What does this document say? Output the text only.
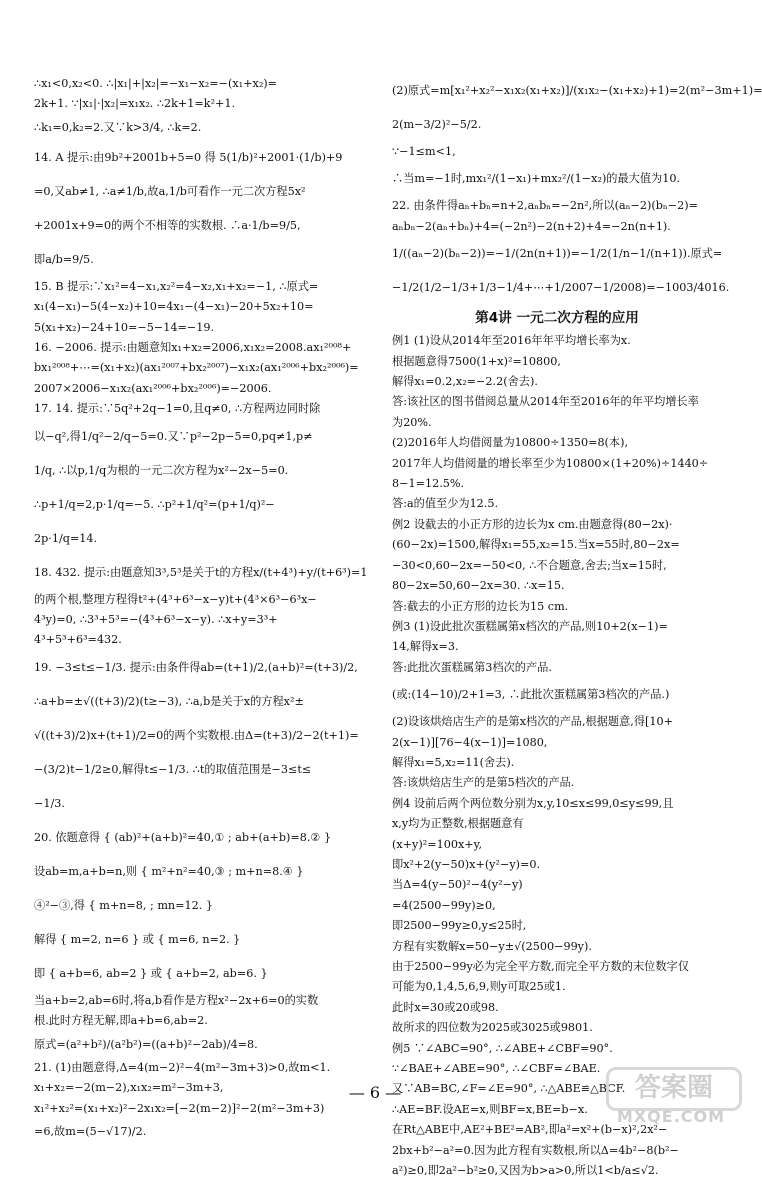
∴x₁<0,x₂<0. ∴|x₁|+|x₂|=−x₁−x₂=−(x₁+x₂)=
2k+1. ∵|x₁|·|x₂|=x₁x₂. ∴2k+1=k²+1.
∴k₁=0,k₂=2.又∵k>3/4, ∴k=2.
14. A 提示:由9b²+2001b+5=0 得 5(1/b)²+2001·(1/b)+9
=0,又ab≠1, ∴a≠1/b,故a,1/b可看作一元二次方程5x²
+2001x+9=0的两个不相等的实数根. ∴a·1/b=9/5,
即a/b=9/5.
15. B 提示:∵x₁²=4−x₁,x₂²=4−x₂,x₁+x₂=−1, ∴原式=
x₁(4−x₁)−5(4−x₂)+10=4x₁−(4−x₁)−20+5x₂+10=
5(x₁+x₂)−24+10=−5−14=−19.
16. −2006. 提示:由题意知x₁+x₂=2006,x₁x₂=2008.ax₁²⁰⁰⁸+
bx₁²⁰⁰⁸+⋯=(x₁+x₂)(ax₁²⁰⁰⁷+bx₂²⁰⁰⁷)−x₁x₂(ax₁²⁰⁰⁶+bx₂²⁰⁰⁶)=
2007×2006−x₁x₂(ax₁²⁰⁰⁶+bx₂²⁰⁰⁶)=−2006.
17. 14. 提示:∵5q²+2q−1=0,且q≠0, ∴方程两边同时除
以−q²,得1/q²−2/q−5=0.又∵p²−2p−5=0,pq≠1,p≠
1/q, ∴以p,1/q为根的一元二次方程为x²−2x−5=0.
∴p+1/q=2,p·1/q=−5. ∴p²+1/q²=(p+1/q)²−
2p·1/q=14.
18. 432. 提示:由题意知3³,5³是关于t的方程x/(t+4³)+y/(t+6³)=1
的两个根,整理方程得t²+(4³+6³−x−y)t+(4³×6³−6³x−
4³y)=0, ∴3³+5³=−(4³+6³−x−y). ∴x+y=3³+
4³+5³+6³=432.
19. −3≤t≤−1/3. 提示:由条件得ab=(t+1)/2,(a+b)²=(t+3)/2,
∴a+b=±√((t+3)/2)(t≥−3), ∴a,b是关于x的方程x²±
√((t+3)/2)x+(t+1)/2=0的两个实数根.由Δ=(t+3)/2−2(t+1)=
−(3/2)t−1/2≥0,解得t≤−1/3. ∴t的取值范围是−3≤t≤
−1/3.
20. 依题意得 { (ab)²+(a+b)²=40,① ; ab+(a+b)=8.② }
设ab=m,a+b=n,则 { m²+n²=40,③ ; m+n=8.④ }
④²−③,得 { m+n=8, ; mn=12. }
解得 { m=2, n=6 } 或 { m=6, n=2. }
即 { a+b=6, ab=2 } 或 { a+b=2, ab=6. }
当a+b=2,ab=6时,将a,b看作是方程x²−2x+6=0的实数
根.此时方程无解,即a+b=6,ab=2.
原式=(a²+b²)/(a²b²)=((a+b)²−2ab)/4=8.
21. (1)由题意得,Δ=4(m−2)²−4(m²−3m+3)>0,故m<1.
x₁+x₂=−2(m−2),x₁x₂=m²−3m+3,
x₁²+x₂²=(x₁+x₂)²−2x₁x₂=[−2(m−2)]²−2(m²−3m+3)
=6,故m=(5−√17)/2.
(2)原式=m[x₁²+x₂²−x₁x₂(x₁+x₂)]/(x₁x₂−(x₁+x₂)+1)=2(m²−3m+1)=
2(m−3/2)²−5/2.
∵−1≤m<1,
∴当m=−1时,mx₁²/(1−x₁)+mx₂²/(1−x₂)的最大值为10.
22. 由条件得aₙ+bₙ=n+2,aₙbₙ=−2n²,所以(aₙ−2)(bₙ−2)=
aₙbₙ−2(aₙ+bₙ)+4=(−2n²)−2(n+2)+4=−2n(n+1).
1/((aₙ−2)(bₙ−2))=−1/(2n(n+1))=−1/2(1/n−1/(n+1)).原式=
−1/2(1/2−1/3+1/3−1/4+⋯+1/2007−1/2008)=−1003/4016.
第4讲 一元二次方程的应用
例1 (1)设从2014年至2016年年平均增长率为x.
根据题意得7500(1+x)²=10800,
解得x₁=0.2,x₂=−2.2(舍去).
答:该社区的图书借阅总量从2014年至2016年的年平均增长率
为20%.
(2)2016年人均借阅量为10800÷1350=8(本),
2017年人均借阅量的增长率至少为10800×(1+20%)÷1440÷
8−1=12.5%.
答:a的值至少为12.5.
例2 设截去的小正方形的边长为x cm.由题意得(80−2x)·
(60−2x)=1500,解得x₁=55,x₂=15.当x=55时,80−2x=
−30<0,60−2x=−50<0, ∴不合题意,舍去;当x=15时,
80−2x=50,60−2x=30. ∴x=15.
答:截去的小正方形的边长为15 cm.
例3 (1)设此批次蛋糕属第x档次的产品,则10+2(x−1)=
14,解得x=3.
答:此批次蛋糕属第3档次的产品.
(或:(14−10)/2+1=3, ∴此批次蛋糕属第3档次的产品.)
(2)设该烘焙店生产的是第x档次的产品,根据题意,得[10+
2(x−1)][76−4(x−1)]=1080,
解得x₁=5,x₂=11(舍去).
答:该烘焙店生产的是第5档次的产品.
例4 设前后两个两位数分别为x,y,10≤x≤99,0≤y≤99,且
x,y均为正整数,根据题意有
(x+y)²=100x+y,
即x²+2(y−50)x+(y²−y)=0.
当Δ=4(y−50)²−4(y²−y)
=4(2500−99y)≥0,
即2500−99y≥0,y≤25时,
方程有实数解x=50−y±√(2500−99y).
由于2500−99y必为完全平方数,而完全平方数的末位数字仅
可能为0,1,4,5,6,9,则y可取25或1.
此时x=30或20或98.
故所求的四位数为2025或3025或9801.
例5 ∵∠ABC=90°, ∴∠ABE+∠CBF=90°.
∵∠BAE+∠ABE=90°, ∴∠CBF=∠BAE.
又∵AB=BC,∠F=∠E=90°, ∴△ABE≌△BCF.
∴AE=BF.设AE=x,则BF=x,BE=b−x.
在Rt△ABE中,AE²+BE²=AB²,即a²=x²+(b−x)²,2x²−
2bx+b²−a²=0.因为此方程有实数根,所以Δ=4b²−8(b²−
a²)≥0,即2a²−b²≥0,又因为b>a>0,所以1<b/a≤√2.
— 6 —	答案圈
MXQE.COM
